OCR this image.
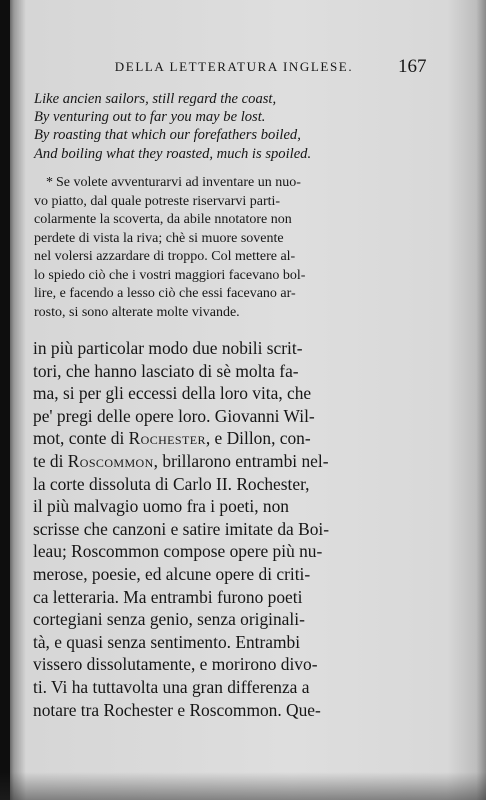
DELLA LETTERATURA INGLESE.	167
Like ancien sailors, still regard the coast,
By venturing out to far you may be lost.
By roasting that which our forefathers boiled,
And boiling what they roasted, much is spoiled.
* Se volete avventurarvi ad inventare un nuo-
vo piatto, dal quale potreste riservarvi parti-
colarmente la scoverta, da abile nnotatore non
perdete di vista la riva; chè si muore sovente
nel volersi azzardare di troppo. Col mettere al-
lo spiedo ciò che i vostri maggiori facevano bol-
lire, e facendo a lesso ciò che essi facevano ar-
rosto, si sono alterate molte vivande.
in più particolar modo due nobili scrit-
tori, che hanno lasciato di sè molta fa-
ma, si per gli eccessi della loro vita, che
pe' pregi delle opere loro. Giovanni Wil-
mot, conte di Rochester, e Dillon, con-
te di Roscommon, brillarono entrambi nel-
la corte dissoluta di Carlo II. Rochester,
il più malvagio uomo fra i poeti, non
scrisse che canzoni e satire imitate da Boi-
leau; Roscommon compose opere più nu-
merose, poesie, ed alcune opere di criti-
ca letteraria. Ma entrambi furono poeti
cortegiani senza genio, senza originali-
tà, e quasi senza sentimento. Entrambi
vissero dissolutamente, e morirono divo-
ti. Vi ha tuttavolta una gran differenza a
notare tra Rochester e Roscommon. Que-
